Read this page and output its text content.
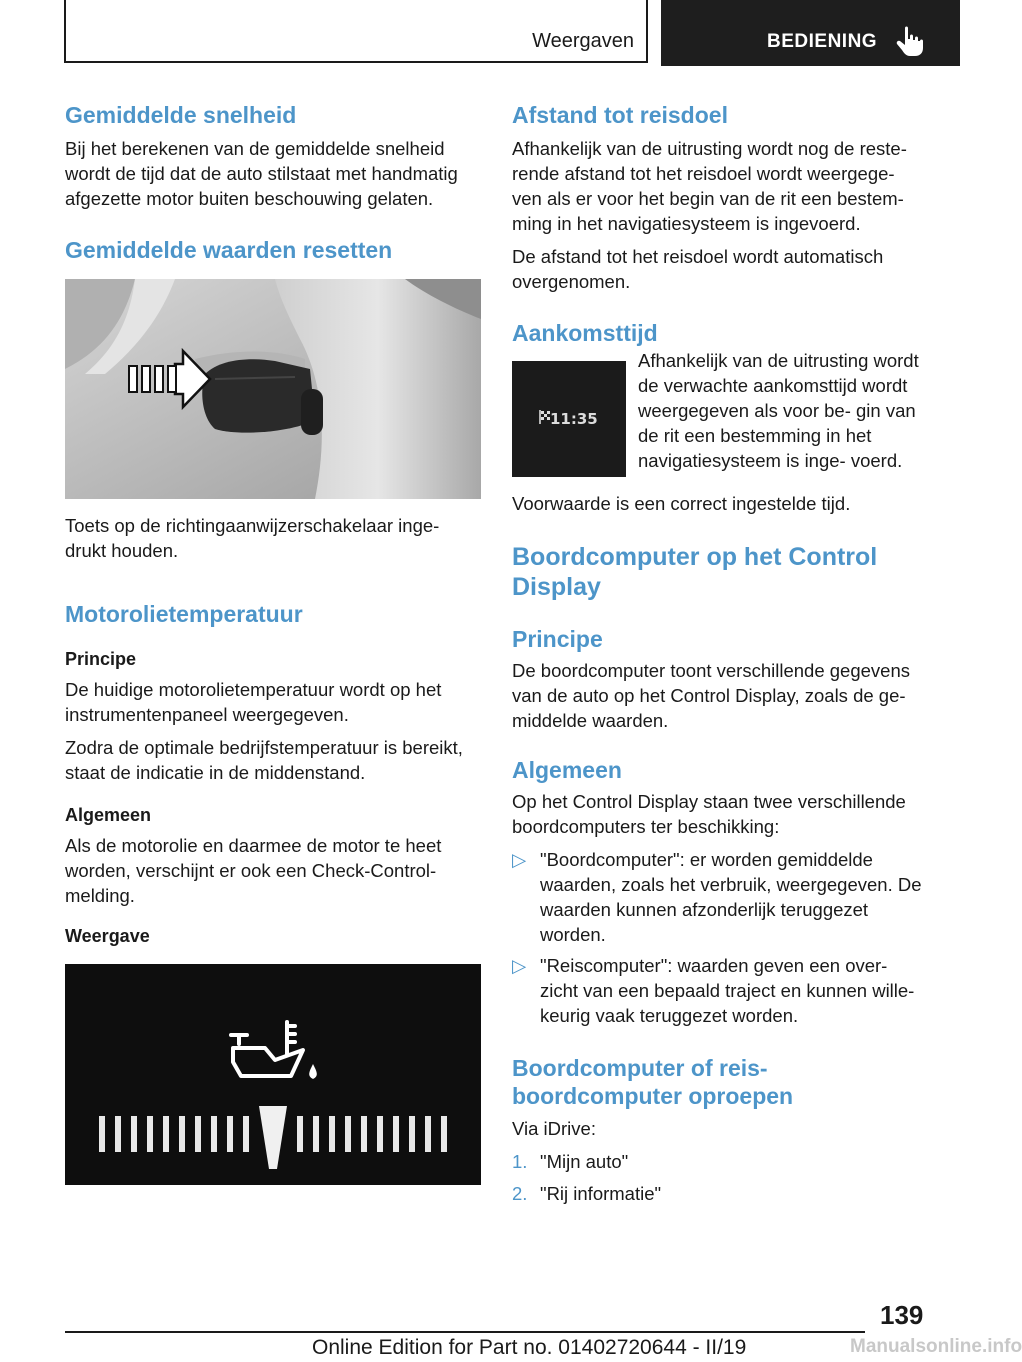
Weergaven	BEDIENING
Gemiddelde snelheid

Bij het berekenen van de gemiddelde snelheid wordt de tijd dat de auto stilstaat met handmatig afgezette motor buiten beschouwing gelaten.

Gemiddelde waarden resetten

Toets op de richtingaanwijzerschakelaar inge- drukt houden.

Motorolietemperatuur
Principe

De huidige motorolietemperatuur wordt op het instrumentenpaneel weergegeven.

Zodra de optimale bedrijfstemperatuur is bereikt, staat de indicatie in de middenstand.

Algemeen

Als de motorolie en daarmee de motor te heet worden, verschijnt er ook een Check-Control- melding.

Weergave
Afstand tot reisdoel

Afhankelijk van de uitrusting wordt nog de reste- rende afstand tot het reisdoel wordt weergege- ven als er voor het begin van de rit een bestem- ming in het navigatiesysteem is ingevoerd.

De afstand tot het reisdoel wordt automatisch overgenomen.

Aankomsttijd
11:35

Afhankelijk van de uitrusting wordt de verwachte aankomsttijd wordt weergegeven als voor be- gin van de rit een bestemming in het navigatiesysteem is inge- voerd.

Voorwaarde is een correct ingestelde tijd.

Boordcomputer op het Control Display
Principe

De boordcomputer toont verschillende gegevens van de auto op het Control Display, zoals de ge- middelde waarden.

Algemeen

Op het Control Display staan twee verschillende boordcomputers ter beschikking:

▷ "Boordcomputer": er worden gemiddelde waarden, zoals het verbruik, weergegeven. De waarden kunnen afzonderlijk teruggezet worden.
▷ "Reiscomputer": waarden geven een over- zicht van een bepaald traject en kunnen wille- keurig vaak teruggezet worden.
Boordcomputer of reis- boordcomputer oproepen

Via iDrive:

1. "Mijn auto"
2. "Rij informatie"
139
Online Edition for Part no. 01402720644 - II/19	Manualsonline.info
